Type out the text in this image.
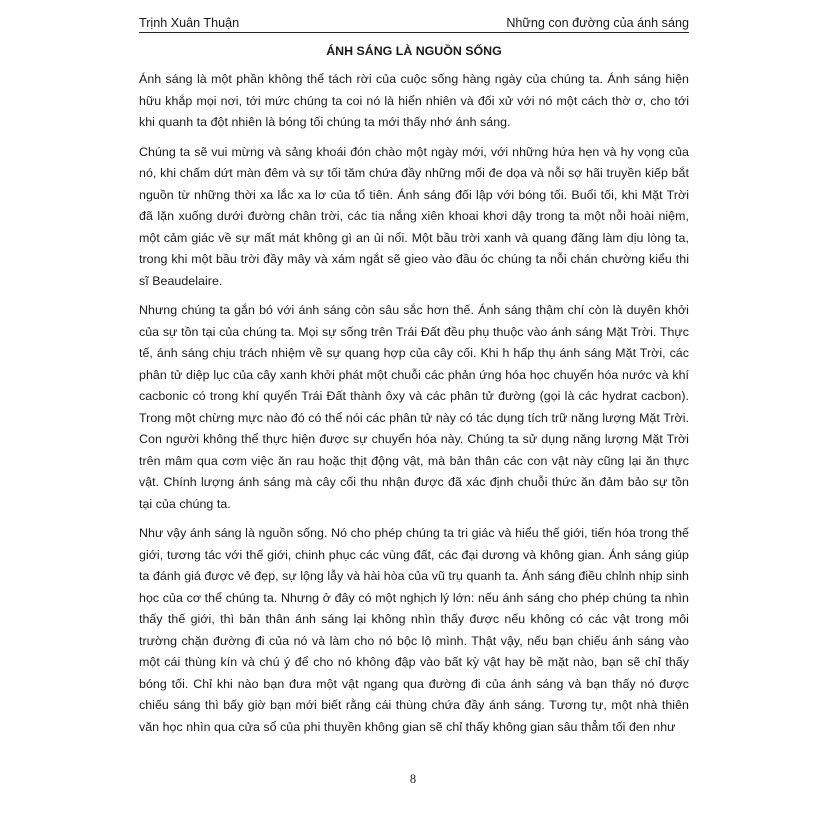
Trịnh Xuân Thuận	Những con đường của ánh sáng
ÁNH SÁNG LÀ NGUỒN SỐNG

Ánh sáng là một phần không thể tách rời của cuộc sống hàng ngày của chúng ta. Ánh sáng hiện hữu khắp mọi nơi, tới mức chúng ta coi nó là hiển nhiên và đối xử với nó một cách thờ ơ, cho tới khi quanh ta đột nhiên là bóng tối chúng ta mới thấy nhớ ánh sáng.

Chúng ta sẽ vui mừng và sảng khoái đón chào một ngày mới, với những hứa hẹn và hy vọng của nó, khi chấm dứt màn đêm và sự tối tăm chứa đầy những mối đe dọa và nỗi sợ hãi truyền kiếp bắt nguồn từ những thời xa lắc xa lơ của tổ tiên. Ánh sáng đối lập với bóng tối. Buổi tối, khi Mặt Trời đã lặn xuống dưới đường chân trời, các tia nắng xiên khoai khơi dậy trong ta một nỗi hoài niệm, một cảm giác về sự mất mát không gì an ủi nổi. Một bầu trời xanh và quang đãng làm dịu lòng ta, trong khi một bầu trời đầy mây và xám ngắt sẽ gieo vào đầu óc chúng ta nỗi chán chường kiểu thi sĩ Beaudelaire.

Nhưng chúng ta gắn bó với ánh sáng còn sâu sắc hơn thế. Ánh sáng thậm chí còn là duyên khởi của sự tồn tại của chúng ta. Mọi sự sống trên Trái Đất đều phụ thuộc vào ánh sáng Mặt Trời. Thực tế, ánh sáng chịu trách nhiệm về sự quang hợp của cây cối. Khi h hấp thụ ánh sáng Mặt Trời, các phân tử diệp lục của cây xanh khởi phát một chuỗi các phản ứng hóa học chuyển hóa nước và khí cacbonic có trong khí quyển Trái Đất thành ôxy và các phân tử đường (gọi là các hydrat cacbon). Trong một chừng mực nào đó có thể nói các phân tử này có tác dụng tích trữ năng lượng Mặt Trời. Con người không thể thực hiện được sự chuyển hóa này. Chúng ta sử dụng năng lượng Mặt Trời trên mâm qua cơm việc ăn rau hoặc thịt động vật, mà bản thân các con vật này cũng lại ăn thực vật. Chính lượng ánh sáng mà cây cối thu nhận được đã xác định chuỗi thức ăn đảm bảo sự tồn tại của chúng ta.

Như vậy ánh sáng là nguồn sống. Nó cho phép chúng ta tri giác và hiểu thế giới, tiến hóa trong thế giới, tương tác với thế giới, chinh phục các vùng đất, các đại dương và không gian. Ánh sáng giúp ta đánh giá được vẻ đẹp, sự lộng lẫy và hài hòa của vũ trụ quanh ta. Ánh sáng điều chỉnh nhịp sinh học của cơ thể chúng ta. Nhưng ở đây có một nghịch lý lớn: nếu ánh sáng cho phép chúng ta nhìn thấy thế giới, thì bản thân ánh sáng lại không nhìn thấy được nếu không có các vật trong môi trường chặn đường đi của nó và làm cho nó bộc lộ mình. Thật vậy, nếu bạn chiếu ánh sáng vào một cái thùng kín và chú ý để cho nó không đập vào bất kỳ vật hay bề mặt nào, bạn sẽ chỉ thấy bóng tối. Chỉ khi nào bạn đưa một vật ngang qua đường đi của ánh sáng và bạn thấy nó được chiếu sáng thì bấy giờ bạn mới biết rằng cái thùng chứa đầy ánh sáng. Tương tự, một nhà thiên văn học nhìn qua cửa sổ của phi thuyền không gian sẽ chỉ thấy không gian sâu thẳm tối đen như

8
